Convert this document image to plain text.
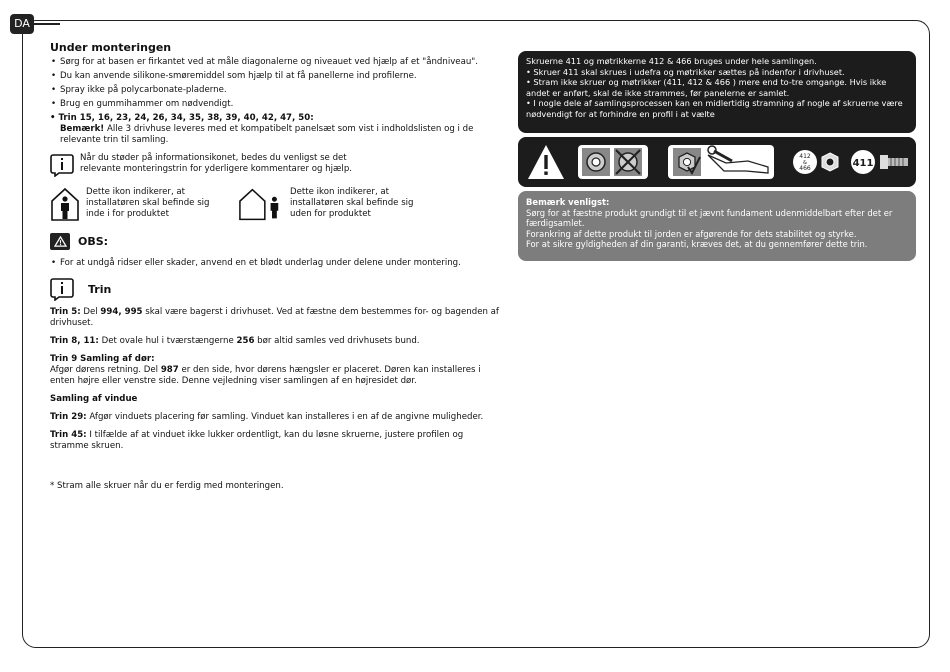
DA
Under monteringen
• Sørg for at basen er firkantet ved at måle diagonalerne og niveauet ved hjælp af et "åndniveau".
• Du kan anvende silikone-smøremiddel som hjælp til at få panellerne ind profilerne.
• Spray ikke på polycarbonate-pladerne.
• Brug en gummihammer om nødvendigt.
• Trin 15, 16, 23, 24, 26, 34, 35, 38, 39, 40, 42, 47, 50:
Bemærk! Alle 3 drivhuse leveres med et kompatibelt panelsæt som vist i indholdslisten og i de relevante trin til samling.
Når du støder på informationsikonet, bedes du venligst se det relevante monteringstrin for yderligere kommentarer og hjælp.
Dette ikon indikerer, at installatøren skal befinde sig inde i for produktet
Dette ikon indikerer, at installatøren skal befinde sig uden for produktet
OBS:
• For at undgå ridser eller skader, anvend en et blødt underlag under delene under montering.
Trin

Trin 5: Del 994, 995 skal være bagerst i drivhuset. Ved at fæstne dem bestemmes for- og bagenden af drivhuset.

Trin 8, 11: Det ovale hul i tværstængerne 256 bør altid samles ved drivhusets bund.

Trin 9 Samling af dør:

Afgør dørens retning. Del 987 er den side, hvor dørens hængsler er placeret. Døren kan installeres i enten højre eller venstre side. Denne vejledning viser samlingen af en højresidet dør.

Samling af vindue

Trin 29: Afgør vinduets placering før samling. Vinduet kan installeres i en af de angivne muligheder.

Trin 45: I tilfælde af at vinduet ikke lukker ordentligt, kan du løsne skruerne, justere profilen og stramme skruen.

* Stram alle skruer når du er ferdig med monteringen.

Skruerne 411 og møtrikkerne 412 & 466 bruges under hele samlingen.
• Skruer 411 skal skrues i udefra og møtrikker sættes på indenfor i drivhuset.
• Stram ikke skruer og møtrikker (411, 412 & 466 ) mere end to-tre omgange. Hvis ikke andet er anført, skal de ikke strammes, før panelerne er samlet.
• I nogle dele af samlingsprocessen kan en midlertidig stramning af nogle af skruerne være nødvendigt for at forhindre en profil i at vælte
412
&
466	411
Bemærk venligst:
Sørg for at fæstne produkt grundigt til et jævnt fundament udenmiddelbart efter det er færdigsamlet.
Forankring af dette produkt til jorden er afgørende for dets stabilitet og styrke.
For at sikre gyldigheden af din garanti, kræves det, at du gennemfører dette trin.
